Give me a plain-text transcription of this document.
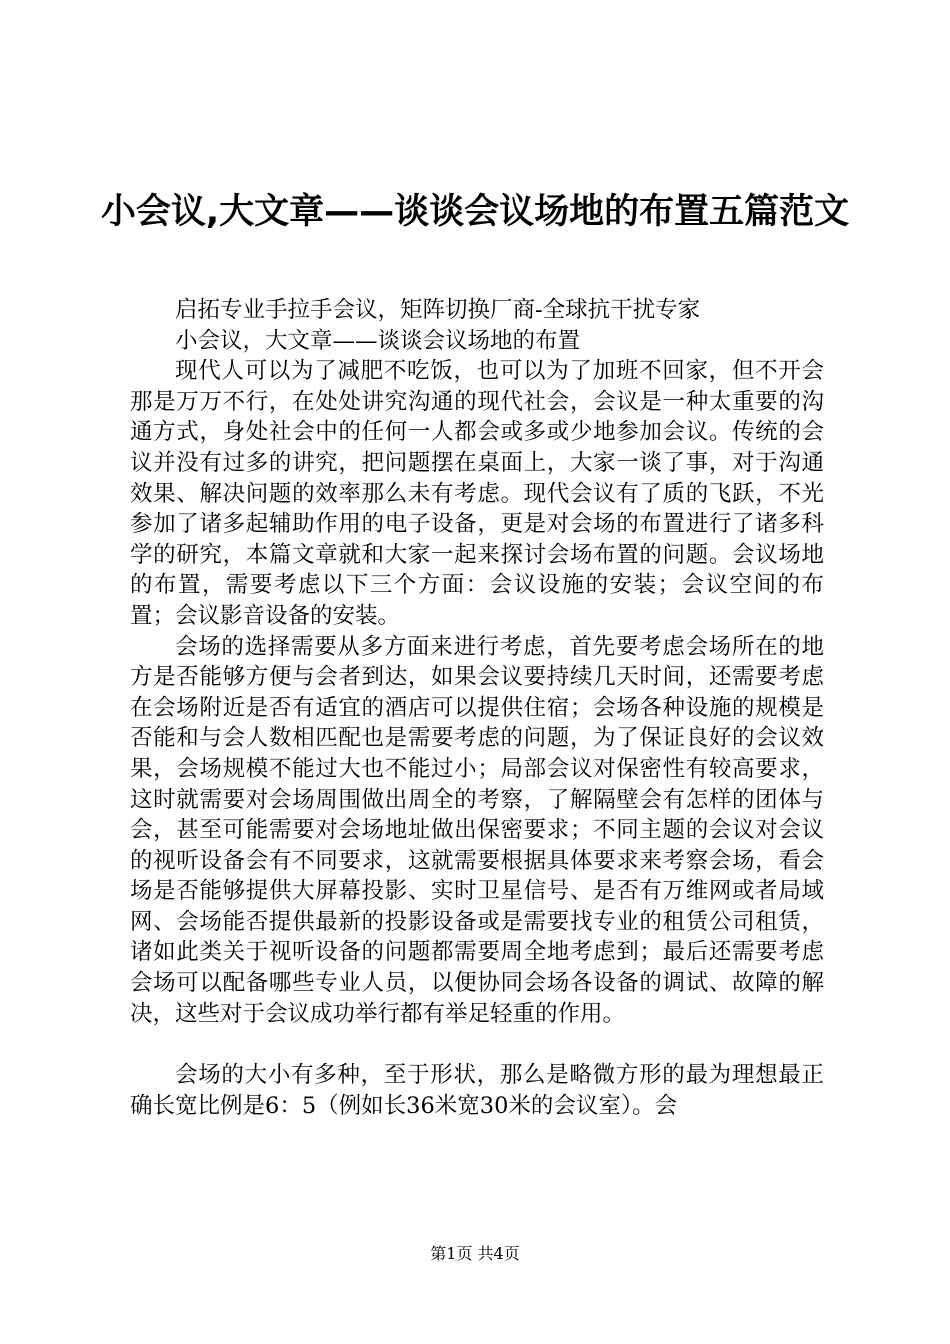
小会议,大文章——谈谈会议场地的布置五篇范文

启拓专业手拉手会议，矩阵切换厂商-全球抗干扰专家

小会议，大文章——谈谈会议场地的布置

现代人可以为了减肥不吃饭，也可以为了加班不回家，但不开会那是万万不行，在处处讲究沟通的现代社会，会议是一种太重要的沟通方式，身处社会中的任何一人都会或多或少地参加会议。传统的会议并没有过多的讲究，把问题摆在桌面上，大家一谈了事，对于沟通效果、解决问题的效率那么未有考虑。现代会议有了质的飞跃，不光参加了诸多起辅助作用的电子设备，更是对会场的布置进行了诸多科学的研究，本篇文章就和大家一起来探讨会场布置的问题。会议场地的布置，需要考虑以下三个方面：会议设施的安装；会议空间的布置；会议影音设备的安装。

会场的选择需要从多方面来进行考虑，首先要考虑会场所在的地方是否能够方便与会者到达，如果会议要持续几天时间，还需要考虑在会场附近是否有适宜的酒店可以提供住宿；会场各种设施的规模是否能和与会人数相匹配也是需要考虑的问题，为了保证良好的会议效果，会场规模不能过大也不能过小；局部会议对保密性有较高要求，这时就需要对会场周围做出周全的考察，了解隔壁会有怎样的团体与会，甚至可能需要对会场地址做出保密要求；不同主题的会议对会议的视听设备会有不同要求，这就需要根据具体要求来考察会场，看会场是否能够提供大屏幕投影、实时卫星信号、是否有万维网或者局域网、会场能否提供最新的投影设备或是需要找专业的租赁公司租赁，诸如此类关于视听设备的问题都需要周全地考虑到；最后还需要考虑会场可以配备哪些专业人员，以便协同会场各设备的调试、故障的解决，这些对于会议成功举行都有举足轻重的作用。

会场的大小有多种，至于形状，那么是略微方形的最为理想最正确长宽比例是6：5（例如长36米宽30米的会议室）。会

第1页 共4页
